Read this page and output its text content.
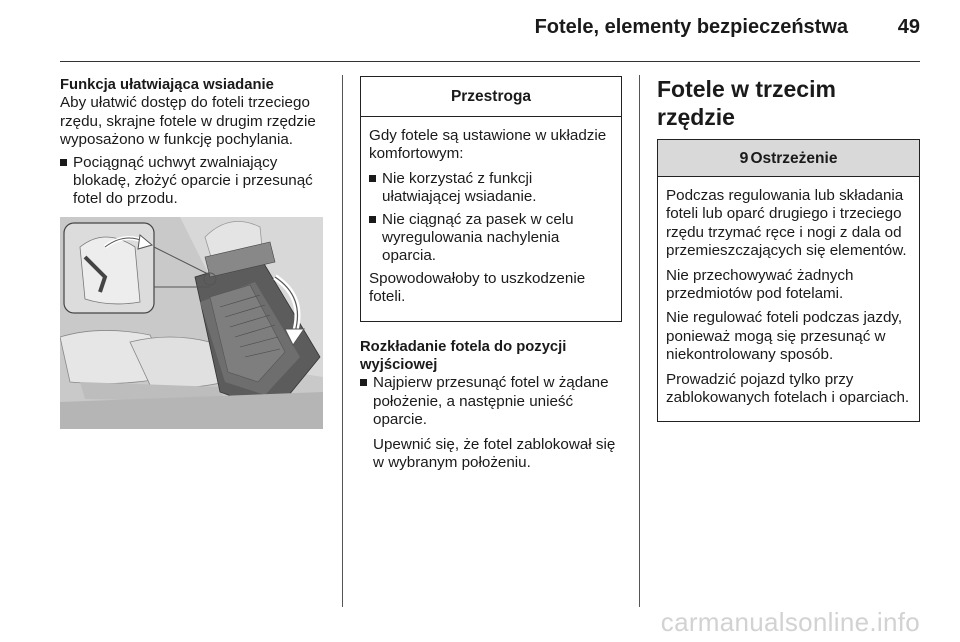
Fotele, elementy bezpieczeństwa 49
Funkcja ułatwiająca wsiadanie

Aby ułatwić dostęp do foteli trzeciego rzędu, skrajne fotele w drugim rzędzie wyposażono w funkcję pochylania.

Pociągnąć uchwyt zwalniający blokadę, złożyć oparcie i przesunąć fotel do przodu.
Przestroga

Gdy fotele są ustawione w układzie komfortowym:

Nie korzystać z funkcji ułatwiającej wsiadanie.
Nie ciągnąć za pasek w celu wyregulowania nachylenia oparcia.

Spowodowałoby to uszkodzenie foteli.

Rozkładanie fotela do pozycji wyjściowej
Najpierw przesunąć fotel w żądane położenie, a następnie unieść oparcie.

Upewnić się, że fotel zablokował się w wybranym położeniu.

Fotele w trzecim rzędzie
9 Ostrzeżenie

Podczas regulowania lub składania foteli lub oparć drugiego i trzeciego rzędu trzymać ręce i nogi z dala od przemieszczających się elementów.

Nie przechowywać żadnych przedmiotów pod fotelami.

Nie regulować foteli podczas jazdy, ponieważ mogą się przesunąć w niekontrolowany sposób.

Prowadzić pojazd tylko przy zablokowanych fotelach i oparciach.

carmanualsonline.info
